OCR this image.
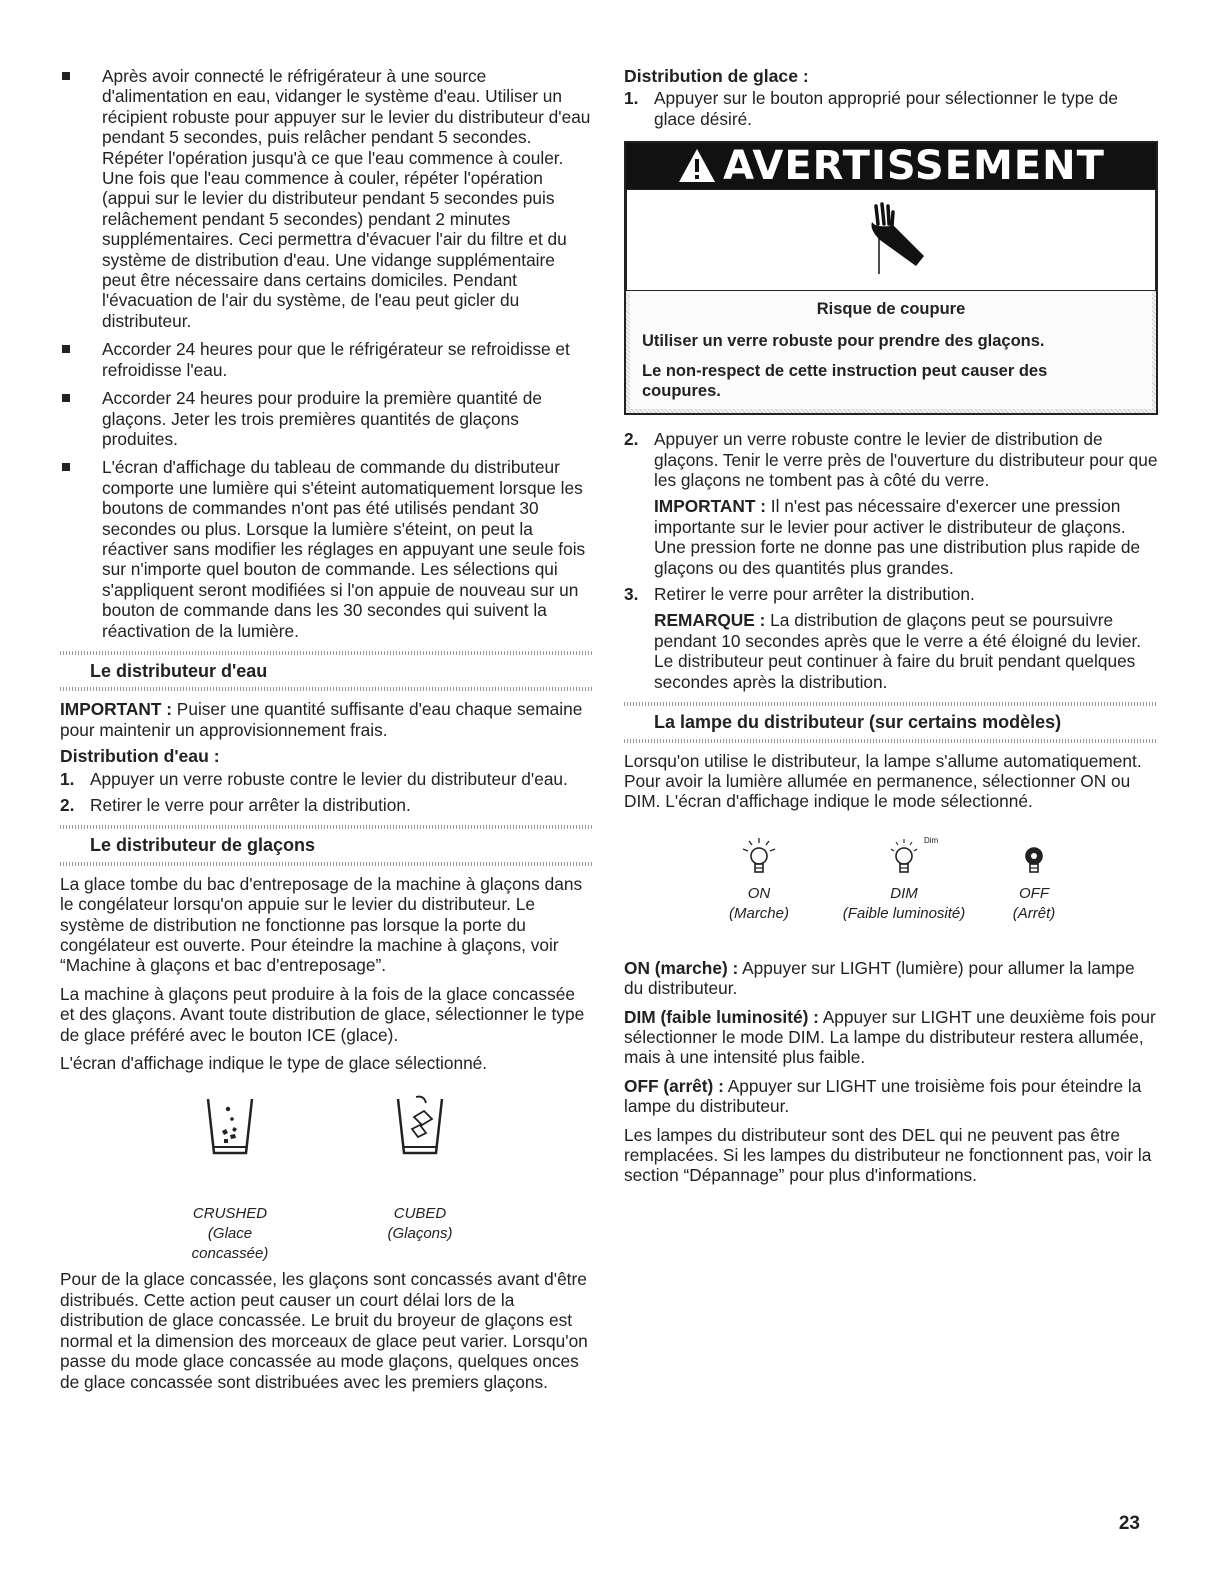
Après avoir connecté le réfrigérateur à une source d'alimentation en eau, vidanger le système d'eau. Utiliser un récipient robuste pour appuyer sur le levier du distributeur d'eau pendant 5 secondes, puis relâcher pendant 5 secondes. Répéter l'opération jusqu'à ce que l'eau commence à couler. Une fois que l'eau commence à couler, répéter l'opération (appui sur le levier du distributeur pendant 5 secondes puis relâchement pendant 5 secondes) pendant 2 minutes supplémentaires. Ceci permettra d'évacuer l'air du filtre et du système de distribution d'eau. Une vidange supplémentaire peut être nécessaire dans certains domiciles. Pendant l'évacuation de l'air du système, de l'eau peut gicler du distributeur.

Accorder 24 heures pour que le réfrigérateur se refroidisse et refroidisse l'eau.

Accorder 24 heures pour produire la première quantité de glaçons. Jeter les trois premières quantités de glaçons produites.

L'écran d'affichage du tableau de commande du distributeur comporte une lumière qui s'éteint automatiquement lorsque les boutons de commandes n'ont pas été utilisés pendant 30 secondes ou plus. Lorsque la lumière s'éteint, on peut la réactiver sans modifier les réglages en appuyant une seule fois sur n'importe quel bouton de commande. Les sélections qui s'appliquent seront modifiées si l'on appuie de nouveau sur un bouton de commande dans les 30 secondes qui suivent la réactivation de la lumière.

Le distributeur d'eau

IMPORTANT : Puiser une quantité suffisante d'eau chaque semaine pour maintenir un approvisionnement frais.

Distribution d'eau :

1. Appuyer un verre robuste contre le levier du distributeur d'eau.

2. Retirer le verre pour arrêter la distribution.

Le distributeur de glaçons

La glace tombe du bac d'entreposage de la machine à glaçons dans le congélateur lorsqu'on appuie sur le levier du distributeur. Le système de distribution ne fonctionne pas lorsque la porte du congélateur est ouverte. Pour éteindre la machine à glaçons, voir “Machine à glaçons et bac d'entreposage”.

La machine à glaçons peut produire à la fois de la glace concassée et des glaçons. Avant toute distribution de glace, sélectionner le type de glace préféré avec le bouton ICE (glace).

L'écran d'affichage indique le type de glace sélectionné.

CRUSHED
(Glace concassée)
CUBED
(Glaçons)

Pour de la glace concassée, les glaçons sont concassés avant d'être distribués. Cette action peut causer un court délai lors de la distribution de glace concassée. Le bruit du broyeur de glaçons est normal et la dimension des morceaux de glace peut varier. Lorsqu'on passe du mode glace concassée au mode glaçons, quelques onces de glace concassée sont distribuées avec les premiers glaçons.

Distribution de glace :

1. Appuyer sur le bouton approprié pour sélectionner le type de glace désiré.

AVERTISSEMENT

Risque de coupure

Utiliser un verre robuste pour prendre des glaçons.

Le non-respect de cette instruction peut causer des coupures.

2. Appuyer un verre robuste contre le levier de distribution de glaçons. Tenir le verre près de l'ouverture du distributeur pour que les glaçons ne tombent pas à côté du verre.

IMPORTANT : Il n'est pas nécessaire d'exercer une pression importante sur le levier pour activer le distributeur de glaçons. Une pression forte ne donne pas une distribution plus rapide de glaçons ou des quantités plus grandes.

3. Retirer le verre pour arrêter la distribution.

REMARQUE : La distribution de glaçons peut se poursuivre pendant 10 secondes après que le verre a été éloigné du levier. Le distributeur peut continuer à faire du bruit pendant quelques secondes après la distribution.

La lampe du distributeur (sur certains modèles)

Lorsqu'on utilise le distributeur, la lampe s'allume automatiquement. Pour avoir la lumière allumée en permanence, sélectionner ON ou DIM. L'écran d'affichage indique le mode sélectionné.

ON
(Marche)
Dim
DIM
(Faible luminosité)
OFF
(Arrêt)

ON (marche) : Appuyer sur LIGHT (lumière) pour allumer la lampe du distributeur.

DIM (faible luminosité) : Appuyer sur LIGHT une deuxième fois pour sélectionner le mode DIM. La lampe du distributeur restera allumée, mais à une intensité plus faible.

OFF (arrêt) : Appuyer sur LIGHT une troisième fois pour éteindre la lampe du distributeur.

Les lampes du distributeur sont des DEL qui ne peuvent pas être remplacées. Si les lampes du distributeur ne fonctionnent pas, voir la section “Dépannage” pour plus d'informations.

23
